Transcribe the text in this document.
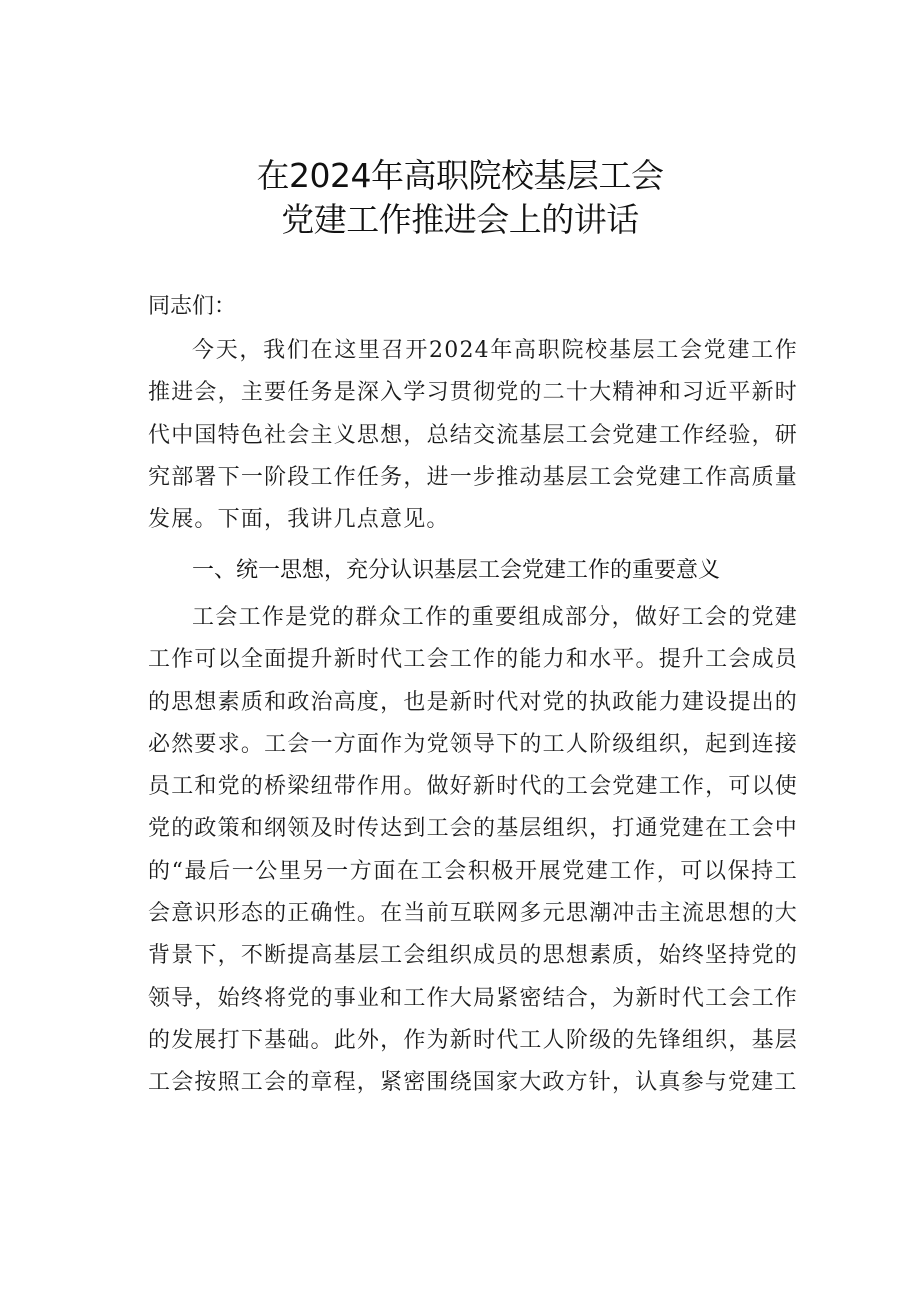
在2024年高职院校基层工会
党建工作推进会上的讲话
同志们：

今天，我们在这里召开2024年高职院校基层工会党建工作推进会，主要任务是深入学习贯彻党的二十大精神和习近平新时代中国特色社会主义思想，总结交流基层工会党建工作经验，研究部署下一阶段工作任务，进一步推动基层工会党建工作高质量发展。下面，我讲几点意见。

一、统一思想，充分认识基层工会党建工作的重要意义

工会工作是党的群众工作的重要组成部分，做好工会的党建工作可以全面提升新时代工会工作的能力和水平。提升工会成员的思想素质和政治高度，也是新时代对党的执政能力建设提出的必然要求。工会一方面作为党领导下的工人阶级组织，起到连接员工和党的桥梁纽带作用。做好新时代的工会党建工作，可以使党的政策和纲领及时传达到工会的基层组织，打通党建在工会中的“最后一公里另一方面在工会积极开展党建工作，可以保持工会意识形态的正确性。在当前互联网多元思潮冲击主流思想的大背景下，不断提高基层工会组织成员的思想素质，始终坚持党的领导，始终将党的事业和工作大局紧密结合，为新时代工会工作的发展打下基础。此外，作为新时代工人阶级的先锋组织，基层工会按照工会的章程，紧密围绕国家大政方针，认真参与党建工
